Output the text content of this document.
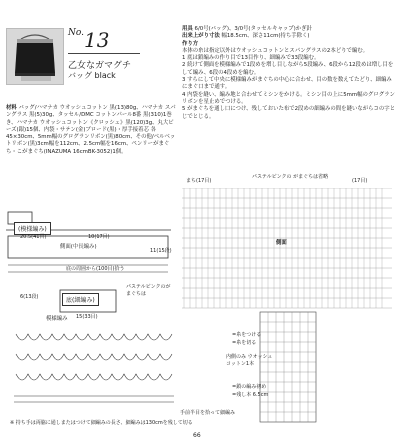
$^{No.}$13
乙女なガマグチ
バッグ black
材料 バッグ/ハマナカ ウオッシュコットン 黒(13)80g、ハマナカ スパングラス 黒(5)30g、タッセル/DMC コットンパール8番 黒(310)1巻き、ハマナカ ウオッシュコットン《クロッシェ》黒(120)3g、丸大ビーズ(銀)15個、内袋・サテン(金)ブロード(黒)・厚手接着芯 各45×30cm、5mm幅のグログランリボン(黒)80cm、その他/ベルベットリボン(黒)3cm幅を112cm、2.5cm幅を16cm、ペンリーがまぐち・こがまぐち(INAZUMA 16cmBK-3052)1個。
用具 6/0号(バッグ)、3/0号(タッセルキャップ)かぎ針
出来上がり寸法 幅18.5cm、深さ11cm(持ち手除く)
作り方
本体の糸は指定以外はウオッシュコットンとスパングラスの2本どりで編む。

1 底は鎖編みの作り目で13目作り、細編みで33段編む。

2 続けて側面を模様編みで1段めを増し目しながら5段編み、6段から12段めは増し目をして編み、6段の4段めを編む。

3 すらにして中央に模様編みがまぐちの中心に合わせ、目の数を数えてたどり、細編みにまぐ口まで通す。

4 内袋を縫い、編み地と合わせてミシンをかける。ミシン目の上に5mm幅のグログランリボンを星止めでつける。

5 がまぐちを通し口につけ、残しておいた布で2段めの細編みの間を縫いながらコの字とじでとじる。

(模様編み)
20.5(41目)	10(17目)
側面(中長編み)
11(15段)
底の周囲から(100目)拾う
底(細編み)
6(13段)
15(33目)
パステルピンクのがまぐちは
模様編み
まち(17目)	(17目)
パステルピンクの がまぐちは省略
側面
=糸をつける
=糸を切る
内側のみ ウオッシュ コットン1本
=鎖の編み初め
=残し本 6.5cm
手前半目を拾って細編み
※ 持ち手は両脇に通しまたはつけて細編みの長さ、細編みは130cmを残して切る
66
